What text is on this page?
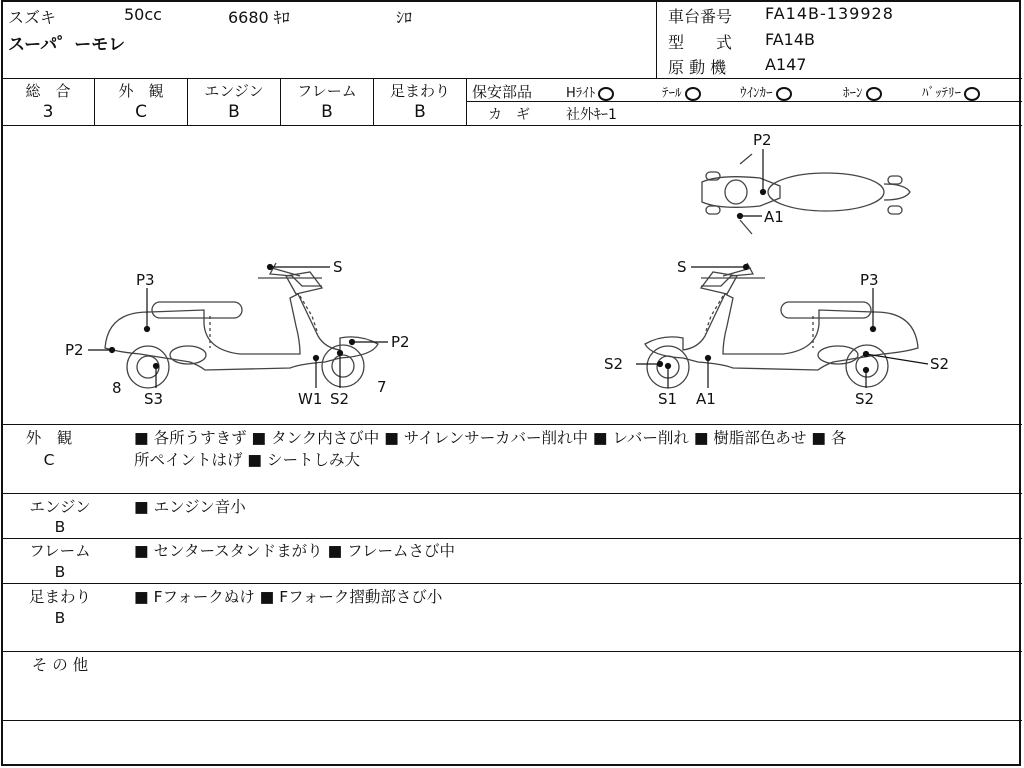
スズキ	50cc	6680 ｷﾛ	ｼﾛ
スーパ゜ーモレ
車台番号 FA14B-139928
型　　式 FA14B
原 動 機 A147
総　合
3
外　観
C
エンジン
B
フレーム
B
足まわり
B
保安部品	Hﾗｲﾄ	ﾃｰﾙ	ｳｲﾝｶｰ	ﾎｰﾝ	ﾊﾞｯﾃﾘｰ
カ　ギ	社外ｷｰ1
P2
A1
S
P3
P2	P2
8
S3	W1 S2
7
S
P3
S2	S2
S1 A1	S2
外　観
C
■ 各所うすきず ■ タンク内さび中 ■ サイレンサーカバー削れ中 ■ レバー削れ ■ 樹脂部色あせ ■ 各
所ペイントはげ ■ シートしみ大
エンジン
B
■ エンジン音小
フレーム
B
■ センタースタンドまがり ■ フレームさび中
足まわり
B
■ Fフォークぬけ ■ Fフォーク摺動部さび小
そ の 他
